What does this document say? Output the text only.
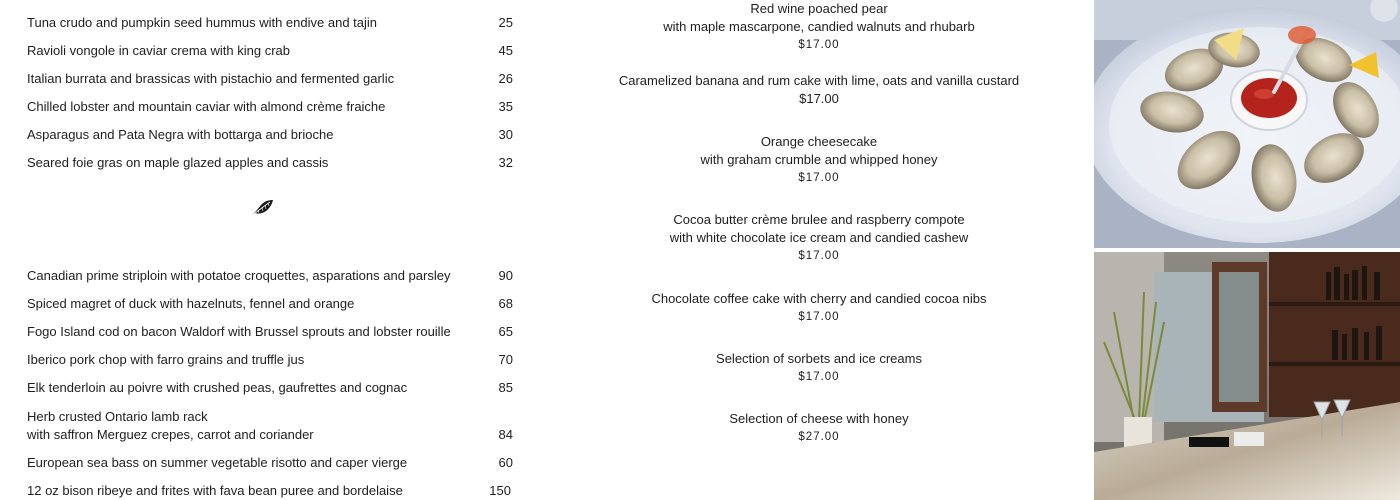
Tuna crudo and pumpkin seed hummus with endive and tajin	25
Ravioli vongole in caviar crema with king crab	45
Italian burrata and brassicas with pistachio and fermented garlic	26
Chilled lobster and mountain caviar with almond crème fraiche	35
Asparagus and Pata Negra with bottarga and brioche	30
Seared foie gras on maple glazed apples and cassis	32
Canadian prime striploin with potatoe croquettes, asparations and parsley	90
Spiced magret of duck with hazelnuts, fennel and orange	68
Fogo Island cod on bacon Waldorf with Brussel sprouts and lobster rouille	65
Iberico pork chop with farro grains and truffle jus	70
Elk tenderloin au poivre with crushed peas, gaufrettes and cognac	85
Herb crusted Ontario lamb rack
with saffron Merguez crepes, carrot and coriander	84
European sea bass on summer vegetable risotto and caper vierge	60
12 oz bison ribeye and frites with fava bean puree and bordelaise	150
Red wine poached pear
with maple mascarpone, candied walnuts and rhubarb
$17.00
Caramelized banana and rum cake with lime, oats and vanilla custard
$17.00
Orange cheesecake
with graham crumble and whipped honey
$17.00
Cocoa butter crème brulee and raspberry compote
with white chocolate ice cream and candied cashew
$17.00
Chocolate coffee cake with cherry and candied cocoa nibs
$17.00
Selection of sorbets and ice creams
$17.00
Selection of cheese with honey
$27.00
